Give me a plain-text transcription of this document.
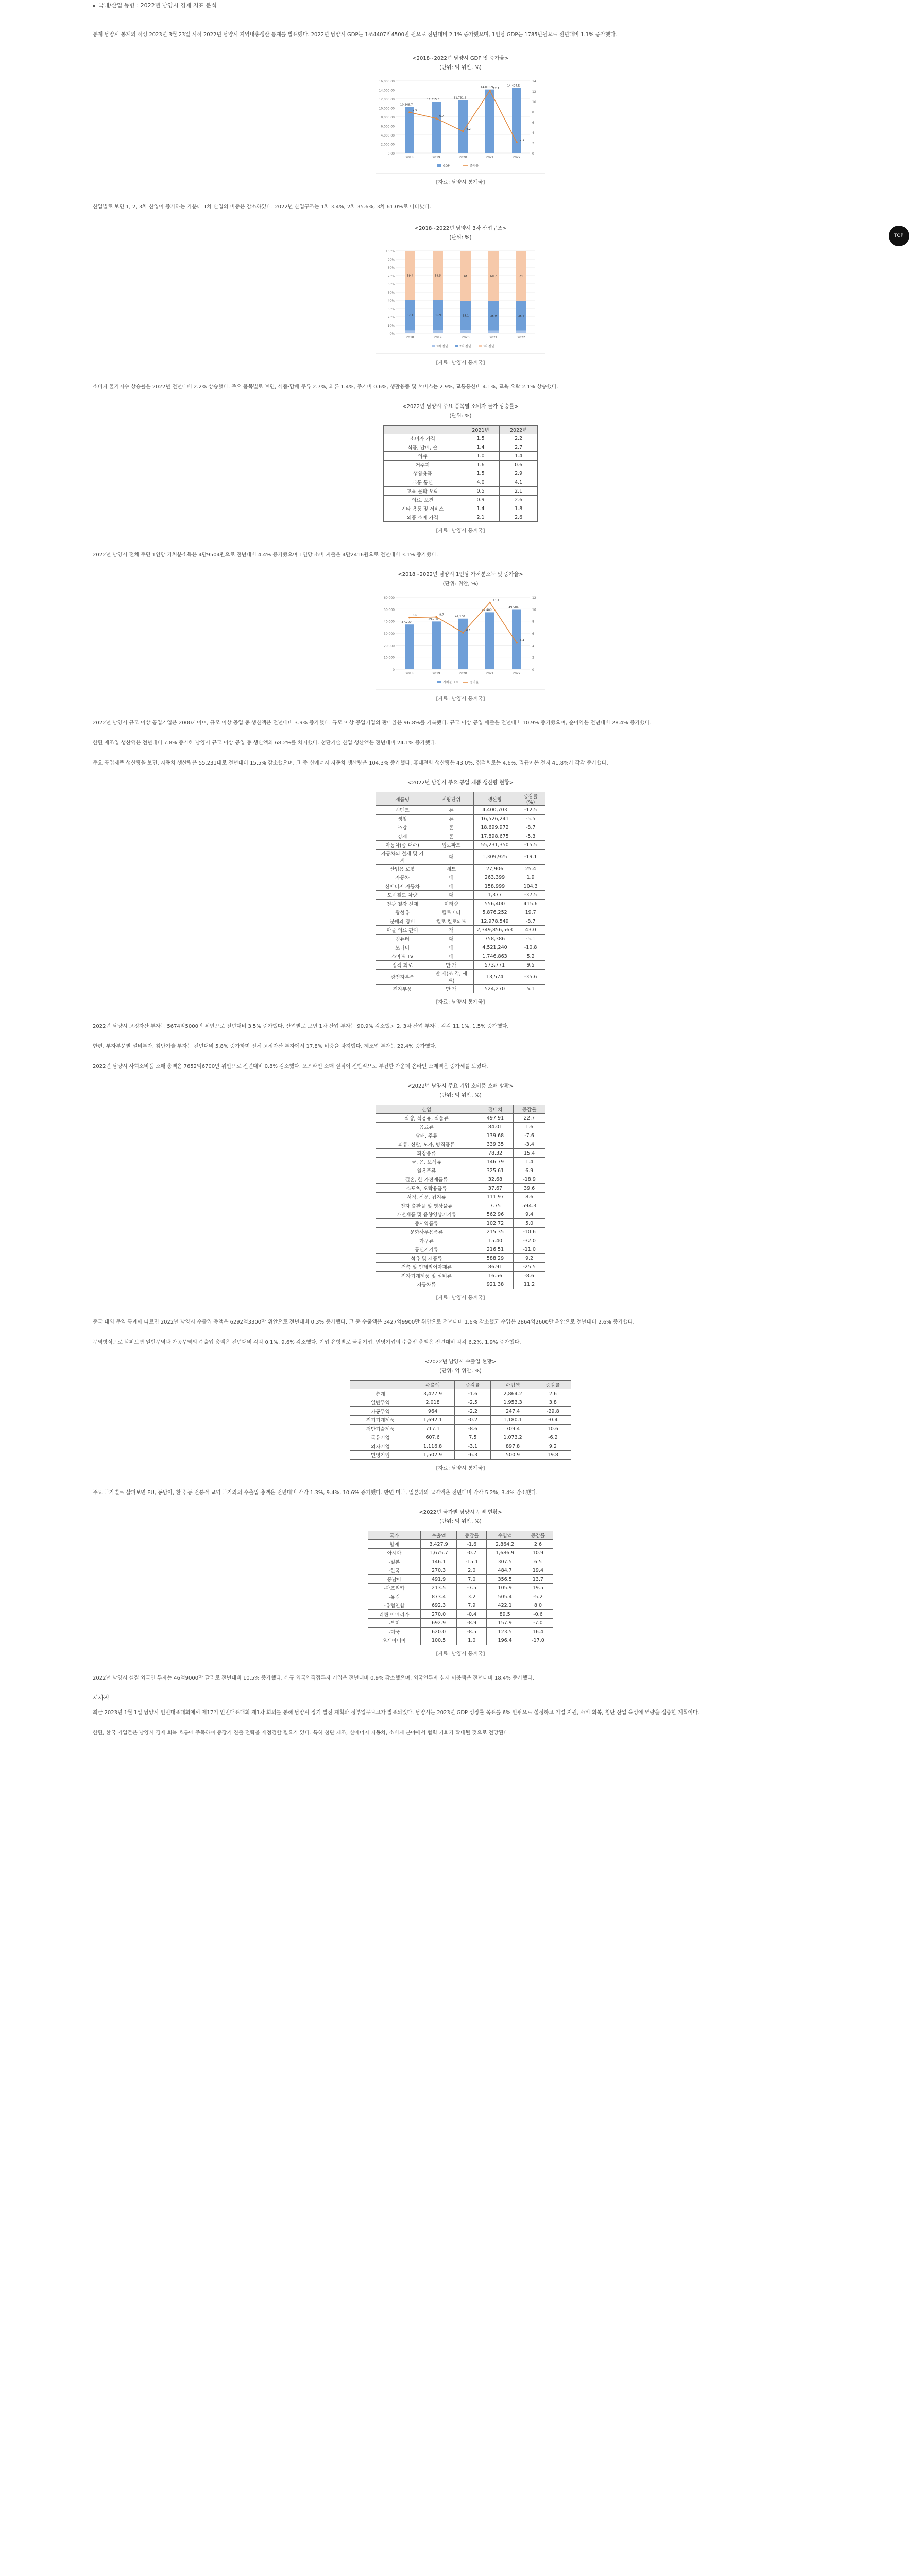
TOP
국내/산업 동향 : 2022년 남양시 경제 지표 분석

통계 남양시 통계의 작성 2023년 3월 23일 시작 2022년 남양시 지역내총생산 통계를 발표했다. 2022년 남양시 GDP는 1조4407억4500만 원으로 전년대비 2.1% 증가했으며, 1인당 GDP는 1785만원으로 전년대비 1.1% 증가했다.

<2018~2022년 남양시 GDP 및 증가율>
(단위: 억 위안, %)
16,000.00
14,000.00
12,000.00
10,000.00
8,000.00
6,000.00
4,000.00
2,000.00
0.00
14
12
10
8
6
4
2
0
10,209.7
2018
11,315.8
2019
11,731.9
2020
14,096.9
2021
14,407.5
2022
7.9
6.7
4.2
12.1
2.1
GDP	증가율
[자료: 남양시 통계국]

산업별로 보면 1, 2, 3차 산업이 증가하는 가운데 1차 산업의 비중은 감소하였다. 2022년 산업구조는 1차 3.4%, 2차 35.6%, 3차 61.0%로 나타났다.

<2018~2022년 남양시 3차 산업구조>
(단위: %)
100%
90%
80%
70%
60%
50%
40%
30%
20%
10%
0%
37.1
59.4
2018
36.9
59.5
2019
35.1
61
2020
35.9
60.7
2021
35.6
61
2022
1차 산업	2차 산업	3차 산업
[자료: 남양시 통계국]

소비자 물가지수 상승률은 2022년 전년대비 2.2% 상승했다. 주요 품목별로 보면, 식품·담배 주류 2.7%, 의류 1.4%, 주거비 0.6%, 생활용품 및 서비스는 2.9%, 교통통신비 4.1%, 교육 오락 2.1% 상승했다.

<2022년 남양시 주요 품목별 소비자 물가 상승률>
(단위: %)
	2021년	2022년
소비자 가격	1.5	2.2
식품, 담배, 술	1.4	2.7
의류	1.0	1.4
거주지	1.6	0.6
생활용품	1.5	2.9
교통 통신	4.0	4.1
교육 문화 오락	0.5	2.1
의료, 보건	0.9	2.6
기타 용품 및 서비스	1.4	1.8
외품 소매 가격	2.1	2.6
[자료: 남양시 통계국]

2022년 남양시 전체 주민 1인당 가처분소득은 4만9504원으로 전년대비 4.4% 증가했으며 1인당 소비 지출은 4만2416원으로 전년대비 3.1% 증가했다.

<2018~2022년 남양시 1인당 가처분소득 및 증가율>
(단위: 위안, %)
60,000
50,000
40,000
30,000
20,000
10,000
0
12
10
8
6
4
2
0
37,200
2018
39,700
2019
42,100
2020
47,400
2021
49,504
2022
8.6	8.7
6.1
11.1
4.4
가처분 소득	증가율
[자료: 남양시 통계국]

2022년 남양시 규모 이상 공업기업은 2000개이며, 규모 이상 공업 총 생산액은 전년대비 3.9% 증가했다. 규모 이상 공업기업의 판매율은 96.8%를 기록했다. 규모 이상 공업 매출은 전년대비 10.9% 증가했으며, 순이익은 전년대비 28.4% 증가했다.

한편 제조업 생산액은 전년대비 7.8% 증가해 남양시 규모 이상 공업 총 생산액의 68.2%를 차지했다. 첨단기술 산업 생산액은 전년대비 24.1% 증가했다.

주요 공업제품 생산량을 보면, 자동차 생산량은 55,231대로 전년대비 15.5% 감소했으며, 그 중 신에너지 자동차 생산량은 104.3% 증가했다. 휴대전화 생산량은 43.0%, 집적회로는 4.6%, 리튬이온 전지 41.8%가 각각 증가했다.

<2022년 남양시 주요 공업 제품 생산량 현황>
제품명	계량단위	생산량	증감률(%)
시멘트	톤	4,400,703	-12.5
생철	톤	16,526,241	-5.5
조강	톤	18,699,972	-8.7
강재	톤	17,898,675	-5.3
자동차(종 대수)	업로파트	55,231,350	-15.5
자동차의 철제 및 기계	대	1,309,925	-19.1
산업용 로봇	세트	27,906	25.4
자동차	대	263,399	1.9
신에너지 자동차	대	158,999	104.3
도시철도 차량	대	1,377	-37.5
전광 철강 선재	미터량	556,400	415.6
광섬유	킬로미터	5,876,252	19.7
분배와 장비	킬로 킬로와트	12,978,549	-8.7
마을 의료 판이	개	2,349,856,563	43.0
컴퓨터	대	758,386	-5.1
모니터	대	4,521,240	-10.8
스마트 TV	대	1,746,863	5.2
집적 회로	만 개	573,771	9.5
광전자부품	만 개(조 각, 세트)	13,574	-35.6
전자부품	만 개	524,270	5.1
[자료: 남양시 통계국]

2022년 남양시 고정자산 투자는 5674억5000만 위안으로 전년대비 3.5% 증가했다. 산업별로 보면 1차 산업 투자는 90.9% 감소했고 2, 3차 산업 투자는 각각 11.1%, 1.5% 증가했다.

한편, 투자부문별 설비투자, 첨단기술 투자는 전년대비 5.8% 증가하며 전체 고정자산 투자에서 17.8% 비중을 차지했다. 제조업 투자는 22.4% 증가했다.

2022년 남양시 사회소비품 소매 총액은 7652억6700만 위안으로 전년대비 0.8% 감소했다. 오프라인 소매 실적이 전반적으로 부진한 가운데 온라인 소매액은 증가세를 보였다.

<2022년 남양시 주요 기업 소비품 소매 상황>
(단위: 억 위안, %)
산업	절대치	증감률
식량, 식용유, 식품류	497.91	22.7
음료류	84.01	1.6
담배, 주류	139.68	-7.6
의류, 신발, 모자, 방직품류	339.35	-3.4
화장품류	78.32	15.4
금, 은, 보석류	146.79	1.4
일용품류	325.61	6.9
결혼, 한 가전제품류	32.68	-18.9
스포츠, 오락용품류	37.67	39.6
서적, 신문, 잡지류	111.97	8.6
전자 출판물 및 영상물류	7.75	594.3
가전제품 및 음향영상기기류	562.96	9.4
중서약품류	102.72	5.0
문화사무용품류	215.35	-10.6
가구류	15.40	-32.0
통신기기류	216.51	-11.0
석유 및 제품류	588.29	9.2
건축 및 인테리어자재류	86.91	-25.5
전자기계제품 및 설비류	16.56	-8.6
자동차류	921.38	11.2
[자료: 남양시 통계국]

중국 대외 무역 통계에 따르면 2022년 남양시 수출입 총액은 6292억3300만 위안으로 전년대비 0.3% 증가했다. 그 중 수출액은 3427억9900만 위안으로 전년대비 1.6% 감소했고 수입은 2864억2600만 위안으로 전년대비 2.6% 증가했다.

무역방식으로 살펴보면 일반무역과 가공무역의 수출입 총액은 전년대비 각각 0.1%, 9.6% 감소했다. 기업 유형별로 국유기업, 민영기업의 수출입 총액은 전년대비 각각 6.2%, 1.9% 증가했다.

<2022년 남양시 수출입 현황>
(단위: 억 위안, %)
	수출액	증감률	수입액	증감률
총계	3,427.9	-1.6	2,864.2	2.6
일반무역	2,018	-2.5	1,953.3	3.8
가공무역	964	-2.2	247.4	-29.8
전기기계제품	1,692.1	-0.2	1,180.1	-0.4
첨단기술제품	717.1	-8.6	709.4	10.6
국유기업	607.6	7.5	1,073.2	-6.2
외자기업	1,116.8	-3.1	897.8	9.2
민영기업	1,502.9	-6.3	500.9	19.8
[자료: 남양시 통계국]

주요 국가별로 살펴보면 EU, 동남아, 한국 등 전통적 교역 국가와의 수출입 총액은 전년대비 각각 1.3%, 9.4%, 10.6% 증가했다. 반면 미국, 일본과의 교역액은 전년대비 각각 5.2%, 3.4% 감소했다.

<2022년 국가별 남양시 무역 현황>
(단위: 억 위안, %)
국가	수출액	증감률	수입액	증감률
합계	3,427.9	-1.6	2,864.2	2.6
아시아	1,675.7	-0.7	1,686.9	10.9
-일본	146.1	-15.1	307.5	6.5
-한국	270.3	2.0	484.7	19.4
동남아	491.9	7.0	356.5	13.7
-아프리카	213.5	-7.5	105.9	19.5
-유럽	873.4	3.2	505.4	-5.2
-유럽연합	692.3	7.9	422.1	8.0
라틴 아메리카	270.0	-0.4	89.5	-0.6
-북미	692.9	-8.9	157.9	-7.0
-미국	620.0	-8.5	123.5	16.4
오세아니아	100.5	1.0	196.4	-17.0
[자료: 남양시 통계국]

2022년 남양시 실질 외국인 투자는 46억9000만 달러로 전년대비 10.5% 증가했다. 신규 외국인직접투자 기업은 전년대비 0.9% 감소했으며, 외국인투자 실제 이용액은 전년대비 18.4% 증가했다.

시사점

최근 2023년 1월 1일 남양시 인민대표대회에서 제17기 인민대표대회 제1차 회의를 통해 남양시 장기 발전 계획과 정부업무보고가 발표되었다. 남양시는 2023년 GDP 성장률 목표를 6% 안팎으로 설정하고 기업 지원, 소비 회복, 첨단 산업 육성에 역량을 집중할 계획이다.

한편, 한국 기업들은 남양시 경제 회복 흐름에 주목하며 중장기 진출 전략을 재점검할 필요가 있다. 특히 첨단 제조, 신에너지 자동차, 소비재 분야에서 협력 기회가 확대될 것으로 전망된다.
